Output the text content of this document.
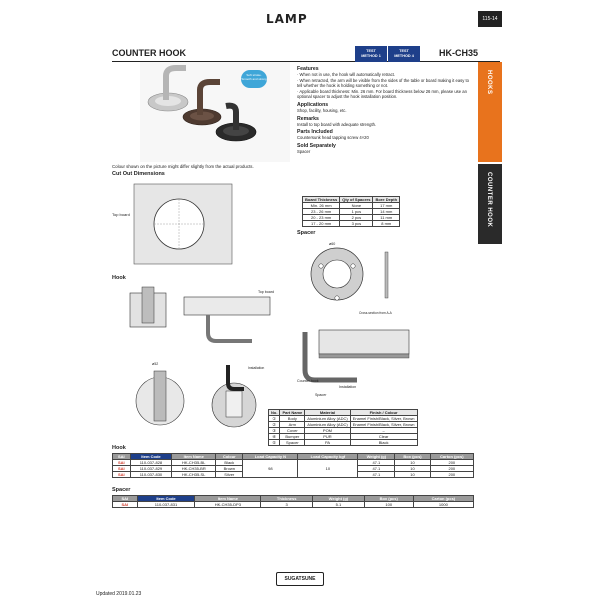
LAMP	115-14
COUNTER HOOK	TEST
METHOD 1
TEST
METHOD 4	HK-CH35
HOOKS
COUNTER HOOK
Soft stroke. Smooth and strong
Colour shown on the picture might differ slightly from the actual products.
Features

· When not in use, the hook will automatically retract.

· When retracted, the arm will be visible from the sides of the table or board making it easy to tell whether the hook is holding something or not.

· Applicable board thickness: Min. 26 mm. For board thickness below 26 mm, please use an optional spacer to adjust the hook installation position.

Applications

Shop, facility, housing, etc.

Remarks

Install to top board with adequate strength.

Parts Included

Countersunk head tapping screw 4×20

Sold Separately

Spacer

Cut Out Dimensions
Top board
Board Thickness	Qty of Spacers	Bore Depth
Min. 26 mm	None	17 mm
23 - 26 mm	1 pcs	14 mm
20 - 23 mm	2 pcs	11 mm
17 - 20 mm	3 pcs	8 mm
Spacer
ø60
Cross-section from A-A
Hook
Top board
ø52
Installation
Counter hook
Installation
Spacer
No.	Part Name	Material	Finish / Colour
①	Body	Aluminium Alloy (ADC)	Enamel Finish/Black, Silver, Brown
②	Arm	Aluminium Alloy (ADC)	Enamel Finish/Black, Silver, Brown
③	Cover	POM	–
④	Bumper	PUR	Clear
⑤	Spacer	PA	Black
Hook
SAI	Item Code	Item Name	Colour	Load Capacity N	Load Capacity kgf	Weight (g)	Box (pcs)	Carton (pcs)
SAI	110-037-828	HK-CH35-BL	Black	98	10	47.1	10	200
SAI	110-037-829	HK-CH35-BR	Brown			47.1	10	200
SAI	110-037-830	HK-CH35-SL	Silver			47.1	10	200
Spacer
SAI	Item Code	Item Name	Thickness	Weight (g)	Box (pcs)	Carton (pcs)
SAI	110-037-831	HK-CH35-DP3	3	5.1	100	1000
SUGATSUNE
Updated 2019.01.23
